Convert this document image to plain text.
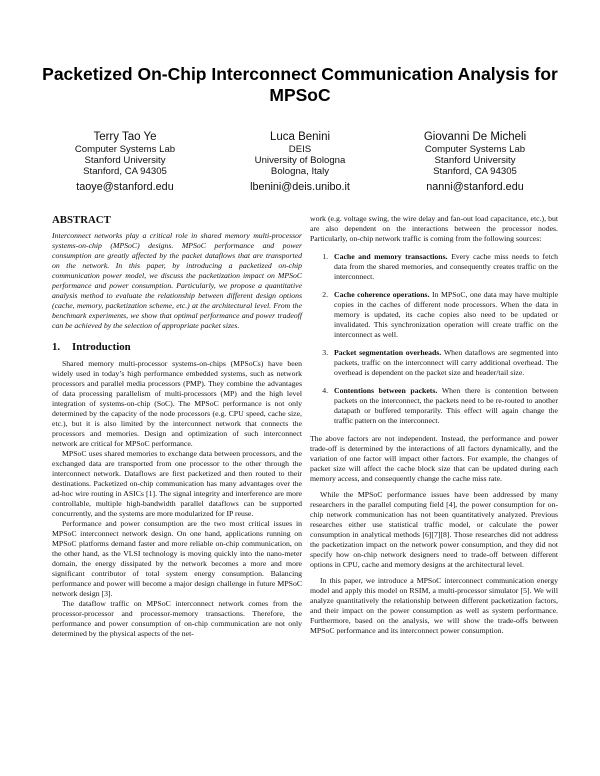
Packetized On-Chip Interconnect Communication Analysis for MPSoC
Terry Tao Ye
Computer Systems Lab
Stanford University
Stanford, CA 94305
taoye@stanford.edu
Luca Benini
DEIS
University of Bologna
Bologna, Italy
lbenini@deis.unibo.it
Giovanni De Micheli
Computer Systems Lab
Stanford University
Stanford, CA 94305
nanni@stanford.edu
ABSTRACT

Interconnect networks play a critical role in shared memory multi-processor systems-on-chip (MPSoC) designs. MPSoC performance and power consumption are greatly affected by the packet dataflows that are transported on the network. In this paper, by introducing a packetized on-chip communication power model, we discuss the packetization impact on MPSoC performance and power consumption. Particularly, we propose a quantitative analysis method to evaluate the relationship between different design options (cache, memory, packetization scheme, etc.) at the architectural level. From the benchmark experiments, we show that optimal performance and power tradeoff can be achieved by the selection of appropriate packet sizes.

1. Introduction

Shared memory multi-processor systems-on-chips (MPSoCs) have been widely used in today’s high performance embedded systems, such as network processors and parallel media processors (PMP). They combine the advantages of data processing parallelism of multi-processors (MP) and the high level integration of systems-on-chip (SoC). The MPSoC performance is not only determined by the capacity of the node processors (e.g. CPU speed, cache size, etc.), but it is also limited by the interconnect network that connects the processors and memories. Design and optimization of such interconnect network are critical for MPSoC performance.

MPSoC uses shared memories to exchange data between processors, and the exchanged data are transported from one processor to the other through the interconnect network. Dataflows are first packetized and then routed to their destinations. Packetized on-chip communication has many advantages over the ad-hoc wire routing in ASICs [1]. The signal integrity and interference are more controllable, multiple high-bandwidth parallel dataflows can be supported concurrently, and the systems are more modularized for IP reuse.

Performance and power consumption are the two most critical issues in MPSoC interconnect network design. On one hand, applications running on MPSoC platforms demand faster and more reliable on-chip communication, on the other hand, as the VLSI technology is moving quickly into the nano-meter domain, the energy dissipated by the network becomes a more and more significant contributor of total system energy consumption. Balancing performance and power will become a major design challenge in future MPSoC network design [3].

The dataflow traffic on MPSoC interconnect network comes from the processor-processor and processor-memory transactions. Therefore, the performance and power consumption of on-chip communication are not only determined by the physical aspects of the net-

work (e.g. voltage swing, the wire delay and fan-out load capacitance, etc.), but are also dependent on the interactions between the processor nodes. Particularly, on-chip network traffic is coming from the following sources:

1. Cache and memory transactions. Every cache miss needs to fetch data from the shared memories, and consequently creates traffic on the interconnect.
2. Cache coherence operations. In MPSoC, one data may have multiple copies in the caches of different node processors. When the data in memory is updated, its cache copies also need to be updated or invalidated. This synchronization operation will create traffic on the interconnect as well.
3. Packet segmentation overheads. When dataflows are segmented into packets, traffic on the interconnect will carry additional overhead. The overhead is dependent on the packet size and header/tail size.
4. Contentions between packets. When there is contention between packets on the interconnect, the packets need to be re-routed to another datapath or buffered temporarily. This effect will again change the traffic pattern on the interconnect.

The above factors are not independent. Instead, the performance and power trade-off is determined by the interactions of all factors dynamically, and the variation of one factor will impact other factors. For example, the changes of packet size will affect the cache block size that can be updated during each memory access, and consequently change the cache miss rate.

While the MPSoC performance issues have been addressed by many researchers in the parallel computing field [4], the power consumption for on-chip network communication has not been quantitatively analyzed. Previous researches either use statistical traffic model, or calculate the power consumption in analytical methods [6][7][8]. Those researches did not address the packetization impact on the network power consumption, and they did not specify how on-chip network designers need to trade-off between different options in CPU, cache and memory designs at the architectural level.

In this paper, we introduce a MPSoC interconnect communication energy model and apply this model on RSIM, a multi-processor simulator [5]. We will analyze quantitatively the relationship between different packetization factors, and their impact on the power consumption as well as system performance. Furthermore, based on the analysis, we will show the trade-offs between MPSoC performance and its interconnect power consumption.
